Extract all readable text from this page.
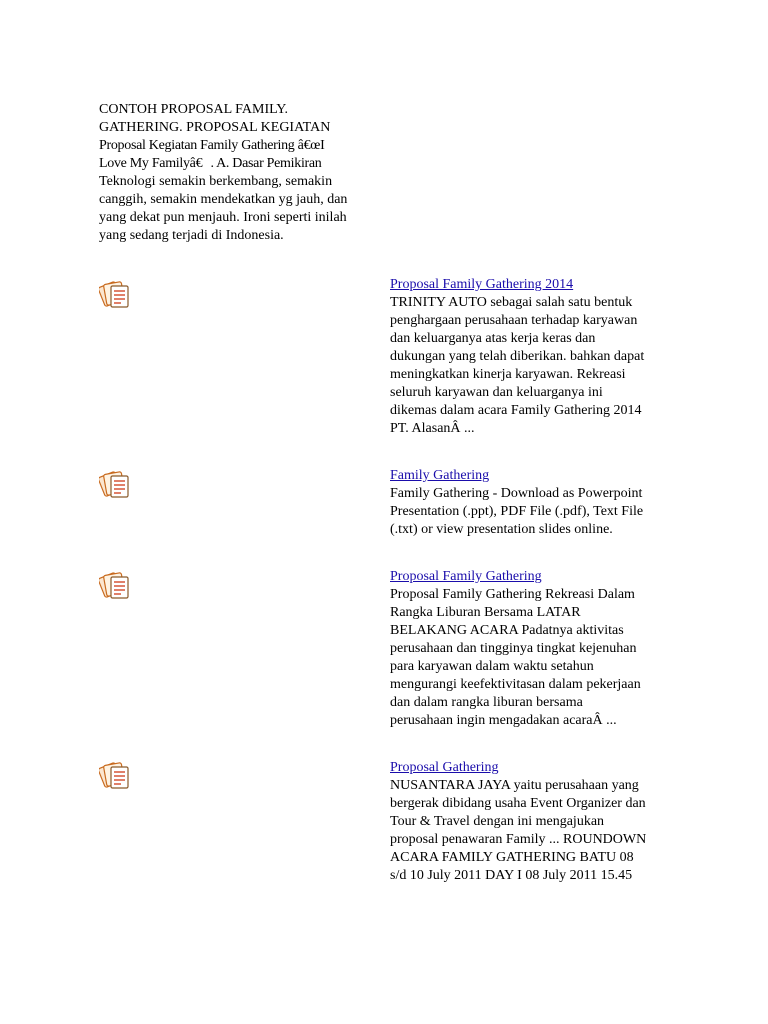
CONTOH PROPOSAL FAMILY.
GATHERING. PROPOSAL KEGIATAN
Proposal Kegiatan Family Gathering â€œI
Love My Familyâ€. A. Dasar Pemikiran
Teknologi semakin berkembang, semakin
canggih, semakin mendekatkan yg jauh, dan
yang dekat pun menjauh. Ironi seperti inilah
yang sedang terjadi di Indonesia.
Proposal Family Gathering 2014
TRINITY AUTO sebagai salah satu bentuk
penghargaan perusahaan terhadap karyawan
dan keluarganya atas kerja keras dan
dukungan yang telah diberikan. bahkan dapat
meningkatkan kinerja karyawan. Rekreasi
seluruh karyawan dan keluarganya ini
dikemas dalam acara Family Gathering 2014
PT. AlasanÂ ...
Family Gathering
Family Gathering - Download as Powerpoint
Presentation (.ppt), PDF File (.pdf), Text File
(.txt) or view presentation slides online.
Proposal Family Gathering
Proposal Family Gathering Rekreasi Dalam
Rangka Liburan Bersama LATAR
BELAKANG ACARA Padatnya aktivitas
perusahaan dan tingginya tingkat kejenuhan
para karyawan dalam waktu setahun
mengurangi keefektivitasan dalam pekerjaan
dan dalam rangka liburan bersama
perusahaan ingin mengadakan acaraÂ ...
Proposal Gathering
NUSANTARA JAYA yaitu perusahaan yang
bergerak dibidang usaha Event Organizer dan
Tour & Travel dengan ini mengajukan
proposal penawaran Family ... ROUNDOWN
ACARA FAMILY GATHERING BATU 08
s/d 10 July 2011 DAY I 08 July 2011 15.45
